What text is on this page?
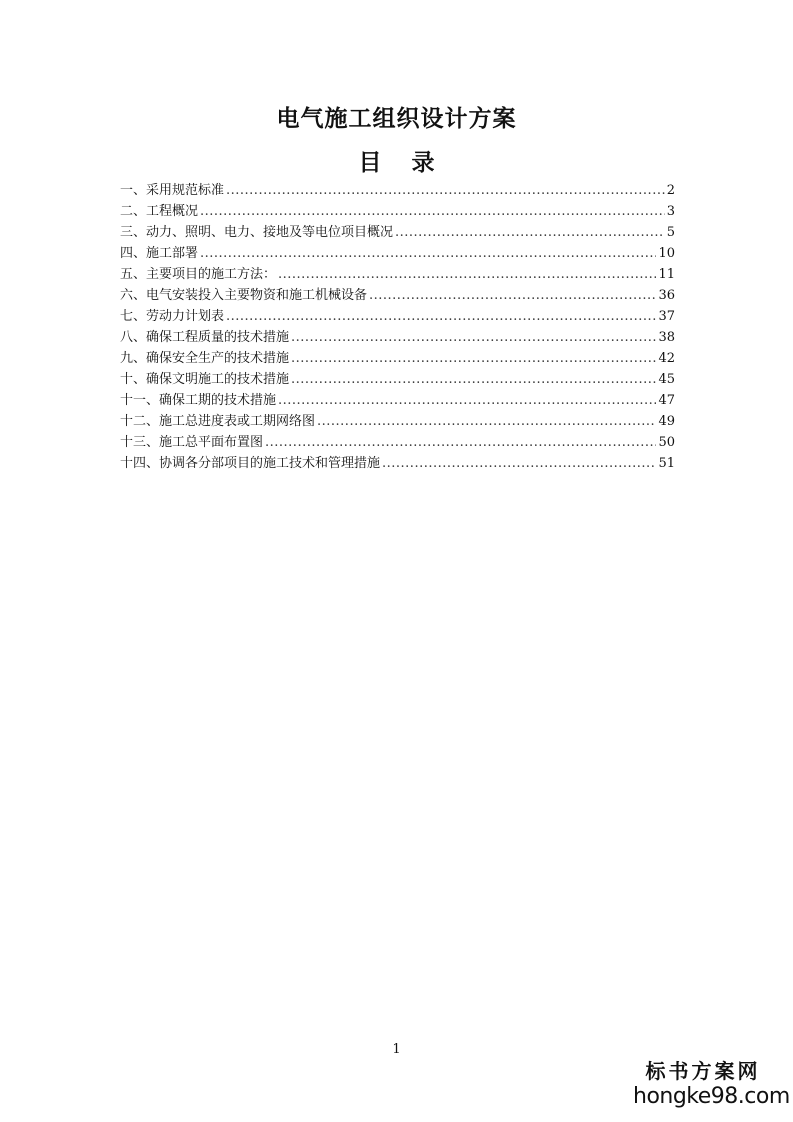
电气施工组织设计方案
目 录
一、采用规范标准 .....	2
二、工程概况 .....	3
三、动力、照明、电力、接地及等电位项目概况 .....	5
四、施工部署 .....	10
五、主要项目的施工方法： .....	11
六、电气安装投入主要物资和施工机械设备 .....	36
七、劳动力计划表 .....	37
八、确保工程质量的技术措施 .....	38
九、确保安全生产的技术措施 .....	42
十、确保文明施工的技术措施 .....	45
十一、确保工期的技术措施 .....	47
十二、施工总进度表或工期网络图 .....	49
十三、施工总平面布置图 .....	50
十四、协调各分部项目的施工技术和管理措施 .....	51
1
标书方案网
hongke98.com
